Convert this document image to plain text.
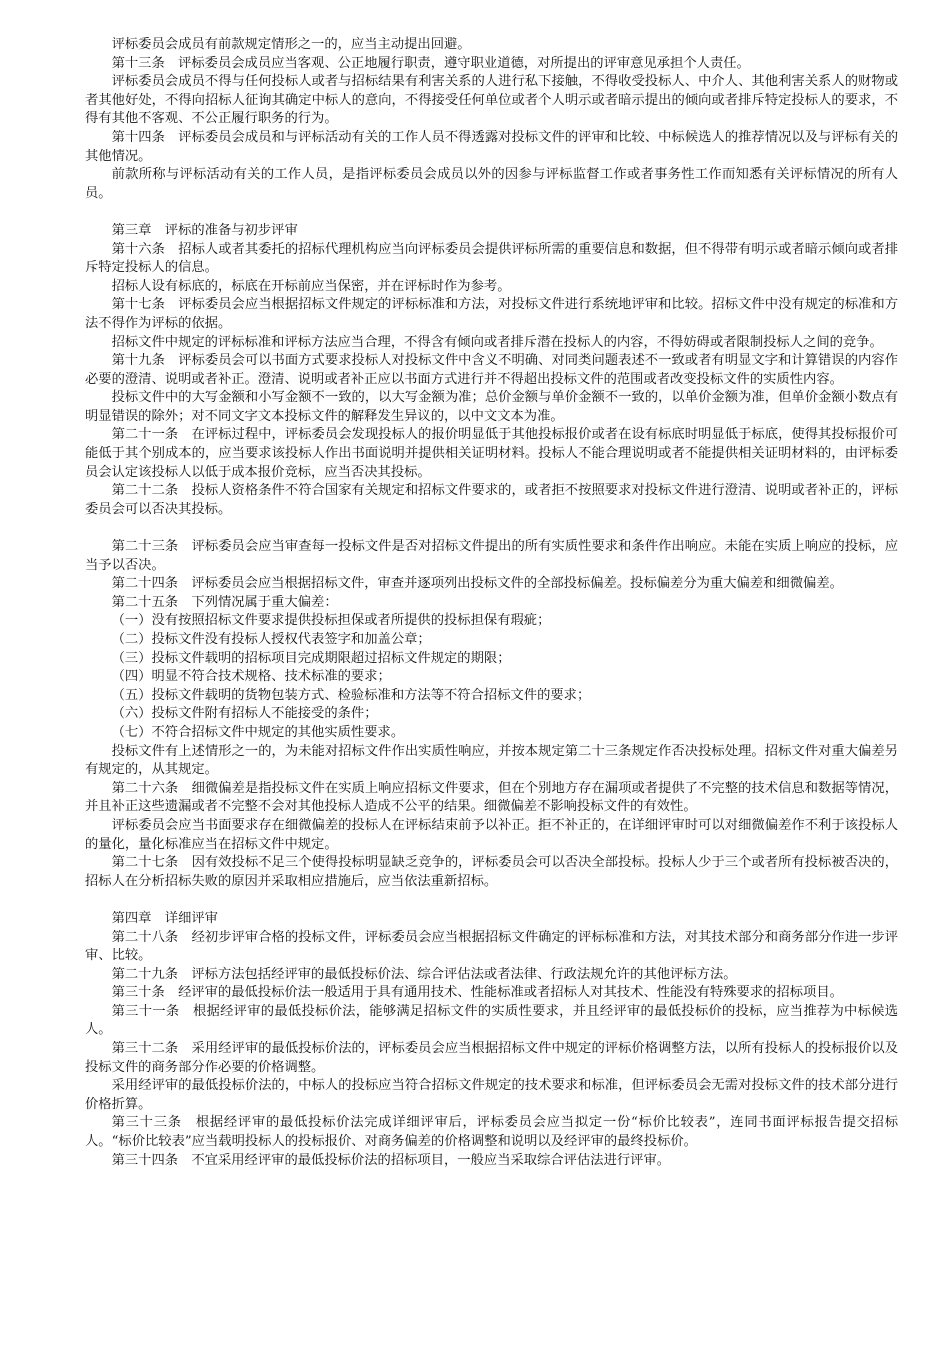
评标委员会成员有前款规定情形之一的，应当主动提出回避。

第十三条　评标委员会成员应当客观、公正地履行职责，遵守职业道德，对所提出的评审意见承担个人责任。

评标委员会成员不得与任何投标人或者与招标结果有利害关系的人进行私下接触，不得收受投标人、中介人、其他利害关系人的财物或者其他好处，不得向招标人征询其确定中标人的意向，不得接受任何单位或者个人明示或者暗示提出的倾向或者排斥特定投标人的要求，不得有其他不客观、不公正履行职务的行为。

第十四条　评标委员会成员和与评标活动有关的工作人员不得透露对投标文件的评审和比较、中标候选人的推荐情况以及与评标有关的其他情况。

前款所称与评标活动有关的工作人员，是指评标委员会成员以外的因参与评标监督工作或者事务性工作而知悉有关评标情况的所有人员。

第三章　评标的准备与初步评审

第十六条　招标人或者其委托的招标代理机构应当向评标委员会提供评标所需的重要信息和数据，但不得带有明示或者暗示倾向或者排斥特定投标人的信息。

招标人设有标底的，标底在开标前应当保密，并在评标时作为参考。

第十七条　评标委员会应当根据招标文件规定的评标标准和方法，对投标文件进行系统地评审和比较。招标文件中没有规定的标准和方法不得作为评标的依据。

招标文件中规定的评标标准和评标方法应当合理，不得含有倾向或者排斥潜在投标人的内容，不得妨碍或者限制投标人之间的竞争。

第十九条　评标委员会可以书面方式要求投标人对投标文件中含义不明确、对同类问题表述不一致或者有明显文字和计算错误的内容作必要的澄清、说明或者补正。澄清、说明或者补正应以书面方式进行并不得超出投标文件的范围或者改变投标文件的实质性内容。

投标文件中的大写金额和小写金额不一致的，以大写金额为准；总价金额与单价金额不一致的，以单价金额为准，但单价金额小数点有明显错误的除外；对不同文字文本投标文件的解释发生异议的，以中文文本为准。

第二十一条　在评标过程中，评标委员会发现投标人的报价明显低于其他投标报价或者在设有标底时明显低于标底，使得其投标报价可能低于其个别成本的，应当要求该投标人作出书面说明并提供相关证明材料。投标人不能合理说明或者不能提供相关证明材料的，由评标委员会认定该投标人以低于成本报价竞标，应当否决其投标。

第二十二条　投标人资格条件不符合国家有关规定和招标文件要求的，或者拒不按照要求对投标文件进行澄清、说明或者补正的，评标委员会可以否决其投标。

第二十三条　评标委员会应当审查每一投标文件是否对招标文件提出的所有实质性要求和条件作出响应。未能在实质上响应的投标，应当予以否决。

第二十四条　评标委员会应当根据招标文件，审查并逐项列出投标文件的全部投标偏差。投标偏差分为重大偏差和细微偏差。

第二十五条　下列情况属于重大偏差：

（一）没有按照招标文件要求提供投标担保或者所提供的投标担保有瑕疵；

（二）投标文件没有投标人授权代表签字和加盖公章；

（三）投标文件载明的招标项目完成期限超过招标文件规定的期限；

（四）明显不符合技术规格、技术标准的要求；

（五）投标文件载明的货物包装方式、检验标准和方法等不符合招标文件的要求；

（六）投标文件附有招标人不能接受的条件；

（七）不符合招标文件中规定的其他实质性要求。

投标文件有上述情形之一的，为未能对招标文件作出实质性响应，并按本规定第二十三条规定作否决投标处理。招标文件对重大偏差另有规定的，从其规定。

第二十六条　细微偏差是指投标文件在实质上响应招标文件要求，但在个别地方存在漏项或者提供了不完整的技术信息和数据等情况，并且补正这些遗漏或者不完整不会对其他投标人造成不公平的结果。细微偏差不影响投标文件的有效性。

评标委员会应当书面要求存在细微偏差的投标人在评标结束前予以补正。拒不补正的，在详细评审时可以对细微偏差作不利于该投标人的量化，量化标准应当在招标文件中规定。

第二十七条　因有效投标不足三个使得投标明显缺乏竞争的，评标委员会可以否决全部投标。投标人少于三个或者所有投标被否决的，招标人在分析招标失败的原因并采取相应措施后，应当依法重新招标。

第四章　详细评审

第二十八条　经初步评审合格的投标文件，评标委员会应当根据招标文件确定的评标标准和方法，对其技术部分和商务部分作进一步评审、比较。

第二十九条　评标方法包括经评审的最低投标价法、综合评估法或者法律、行政法规允许的其他评标方法。

第三十条　经评审的最低投标价法一般适用于具有通用技术、性能标准或者招标人对其技术、性能没有特殊要求的招标项目。

第三十一条　根据经评审的最低投标价法，能够满足招标文件的实质性要求，并且经评审的最低投标价的投标，应当推荐为中标候选人。

第三十二条　采用经评审的最低投标价法的，评标委员会应当根据招标文件中规定的评标价格调整方法，以所有投标人的投标报价以及投标文件的商务部分作必要的价格调整。

采用经评审的最低投标价法的，中标人的投标应当符合招标文件规定的技术要求和标准，但评标委员会无需对投标文件的技术部分进行价格折算。

第三十三条　根据经评审的最低投标价法完成详细评审后，评标委员会应当拟定一份“标价比较表”，连同书面评标报告提交招标人。“标价比较表”应当载明投标人的投标报价、对商务偏差的价格调整和说明以及经评审的最终投标价。

第三十四条　不宜采用经评审的最低投标价法的招标项目，一般应当采取综合评估法进行评审。
